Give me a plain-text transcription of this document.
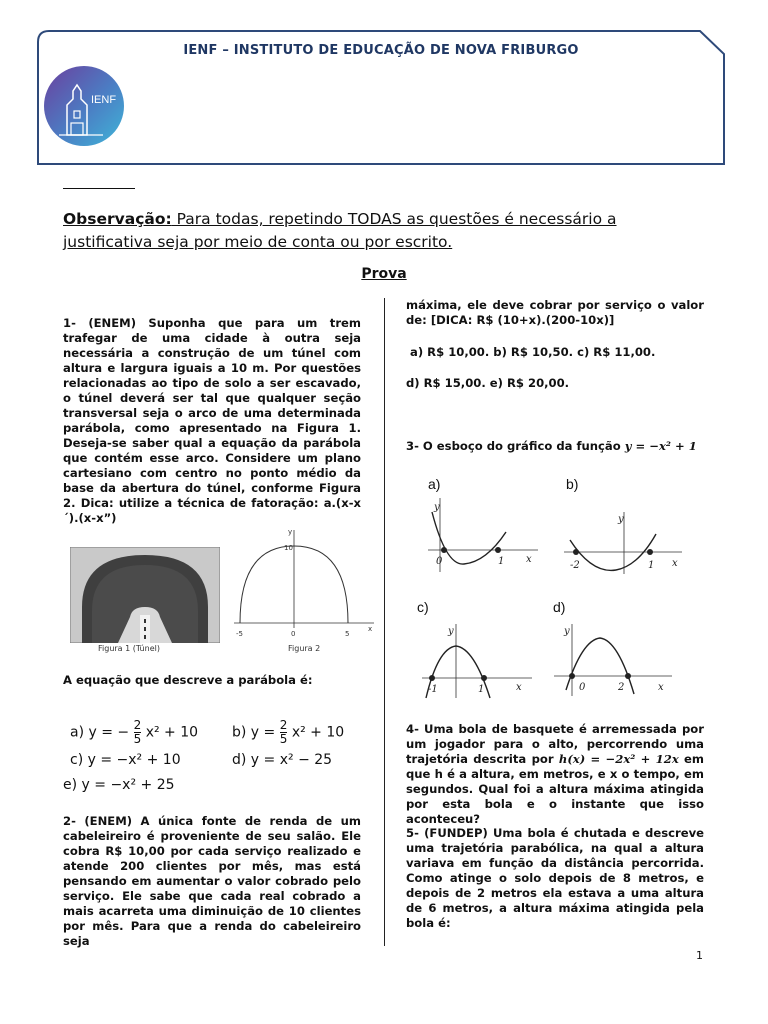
IENF – INSTITUTO DE EDUCAÇÃO DE NOVA FRIBURGO
IENF
Observação: Para todas, repetindo TODAS as questões é necessário a justificativa seja por meio de conta ou por escrito.
Prova
1- (ENEM) Suponha que para um trem trafegar de uma cidade à outra seja necessária a construção de um túnel com altura e largura iguais a 10 m. Por questões relacionadas ao tipo de solo a ser escavado, o túnel deverá ser tal que qualquer seção transversal seja o arco de uma determinada parábola, como apresentado na Figura 1. Deseja-se saber qual a equação da parábola que contém esse arco. Considere um plano cartesiano com centro no ponto médio da base da abertura do túnel, conforme Figura 2. Dica: utilize a técnica de fatoração: a.(x-x´).(x-x”)
Figura 1 (Túnel)
y
10
-5	0	5
x
Figura 2
A equação que descreve a parábola é:
a) y = − $\frac{2}{5} x^2 + 10$ b) $y = \frac{2}{5} x^2 + 10$
c) y = −x² + 10	d) y = x² − 25
e) y = −x² + 25
2- (ENEM) A única fonte de renda de um cabeleireiro é proveniente de seu salão. Ele cobra R$ 10,00 por cada serviço realizado e atende 200 clientes por mês, mas está pensando em aumentar o valor cobrado pelo serviço. Ele sabe que cada real cobrado a mais acarreta uma diminuição de 10 clientes por mês. Para que a renda do cabeleireiro seja
máxima, ele deve cobrar por serviço o valor de: [DICA: R$ (10+x).(200-10x)]
a) R$ 10,00. b) R$ 10,50. c) R$ 11,00.
d) R$ 15,00. e) R$ 20,00.
3- O esboço do gráfico da função y = −x² + 1
a)
y
0	1 x
b)
y
-2	1 x
c)
y
-1	1	x
d)
y
0	2	x
4- Uma bola de basquete é arremessada por um jogador para o alto, percorrendo uma trajetória descrita por h(x) = −2x² + 12x em que h é a altura, em metros, e x o tempo, em segundos. Qual foi a altura máxima atingida por esta bola e o instante que isso aconteceu?
5- (FUNDEP) Uma bola é chutada e descreve uma trajetória parabólica, na qual a altura variava em função da distância percorrida. Como atinge o solo depois de 8 metros, e depois de 2 metros ela estava a uma altura de 6 metros, a altura máxima atingida pela bola é:
1
